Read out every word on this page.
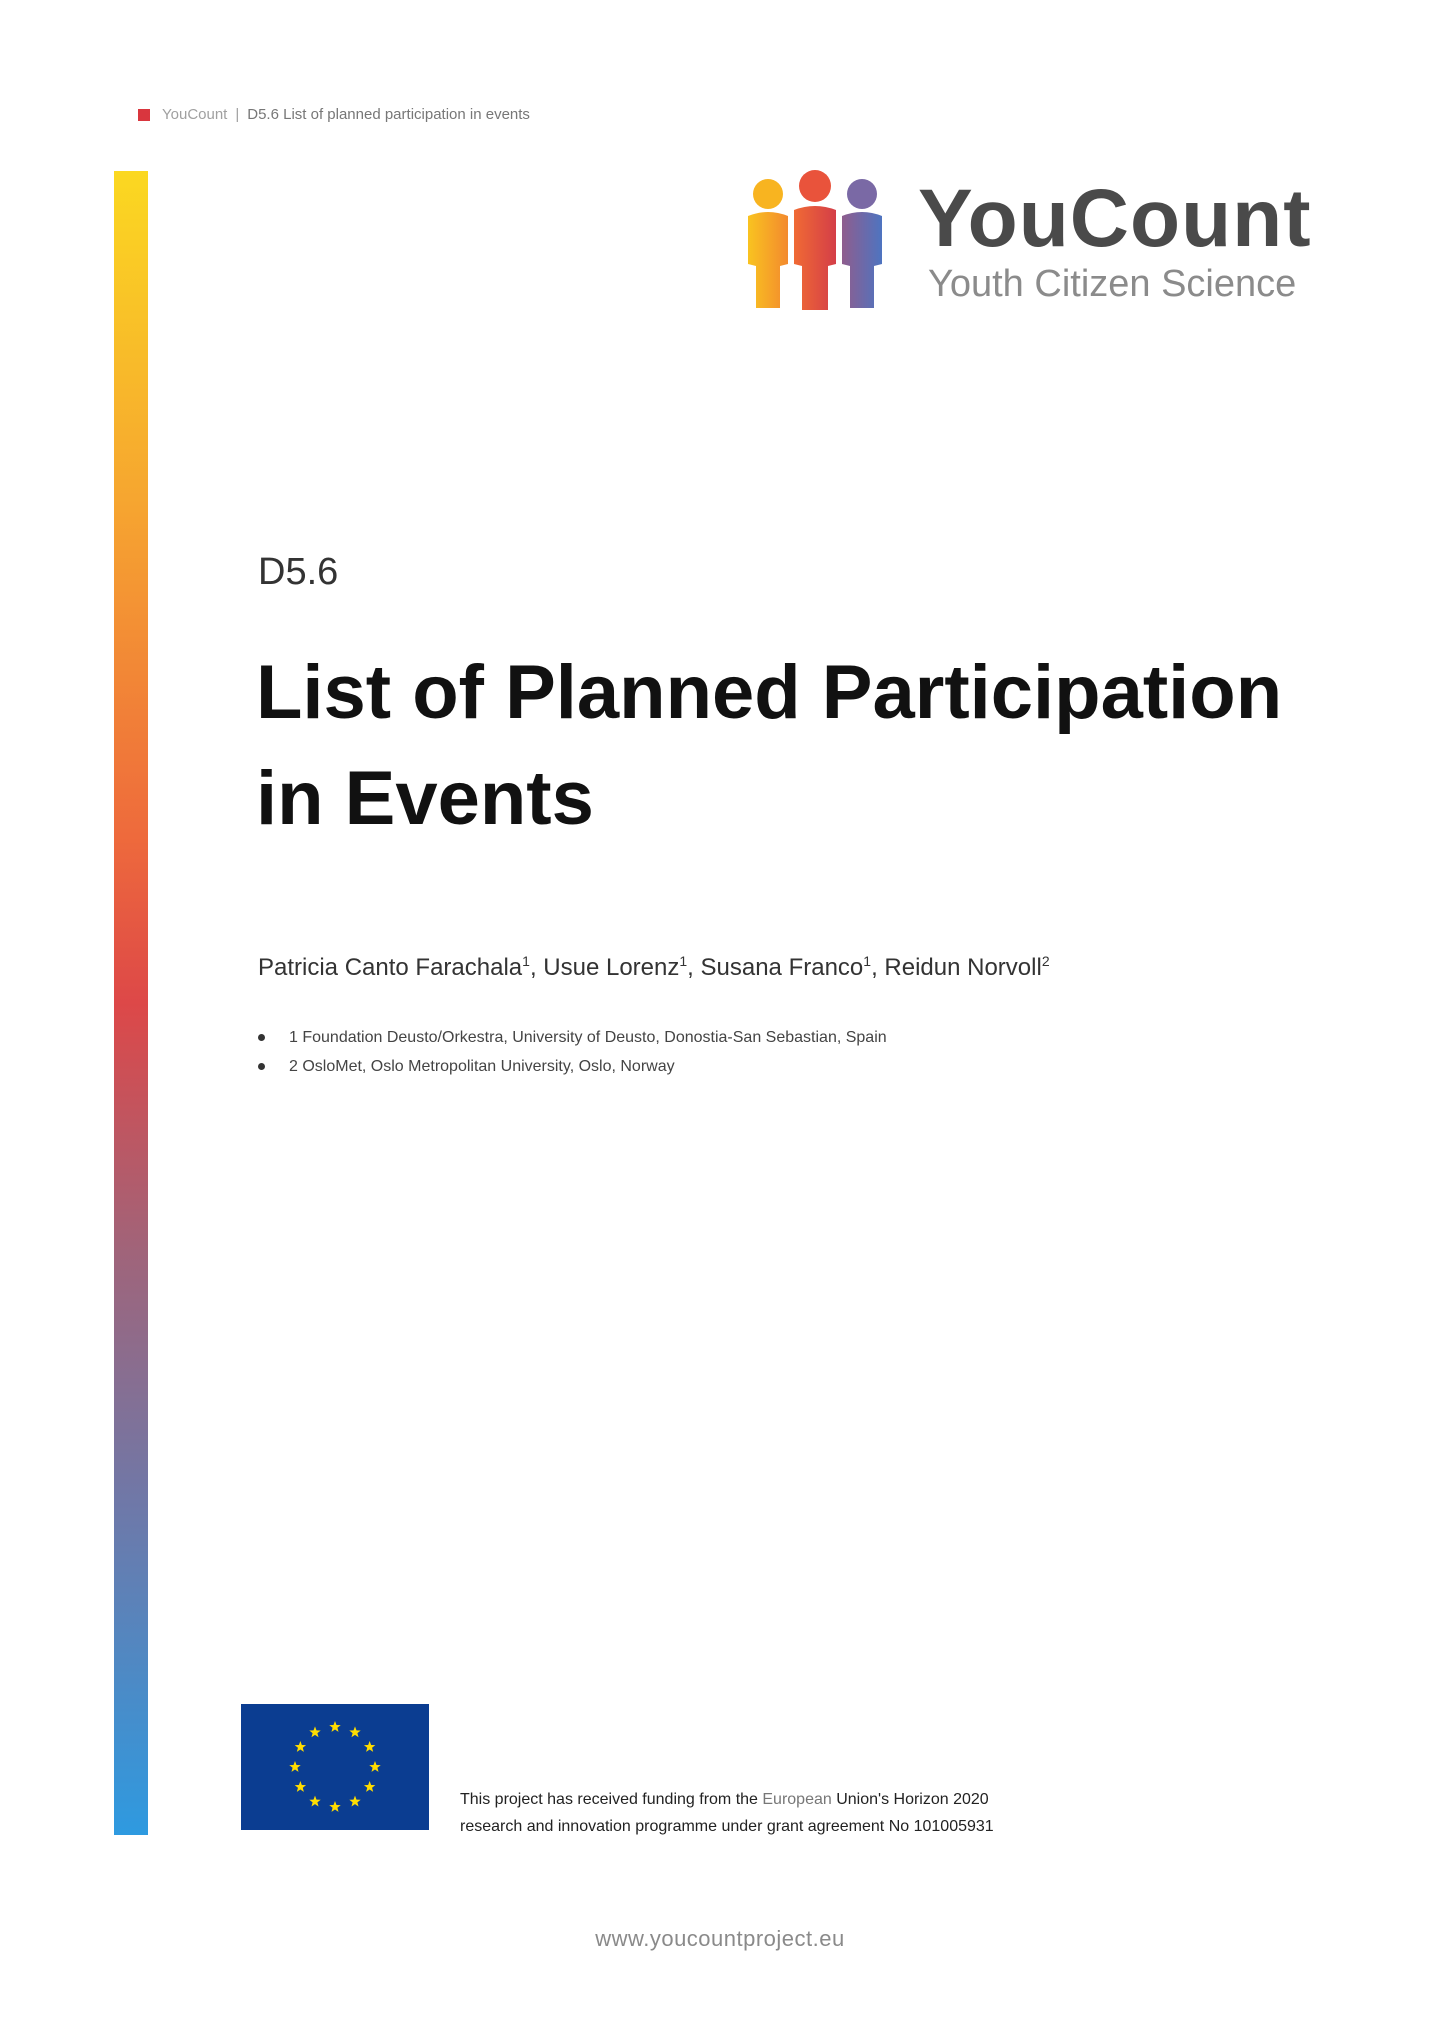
YouCount | D5.6 List of planned participation in events
YouCount
Youth Citizen Science
D5.6
List of Planned Participation
in Events
Patricia Canto Farachala$^1$, Usue Lorenz$^1$, Susana Franco$^1$, Reidun Norvoll$^2$
1 Foundation Deusto/Orkestra, University of Deusto, Donostia-San Sebastian, Spain
2 OsloMet, Oslo Metropolitan University, Oslo, Norway
This project has received funding from the European Union's Horizon 2020
research and innovation programme under grant agreement No 101005931
www.youcountproject.eu
